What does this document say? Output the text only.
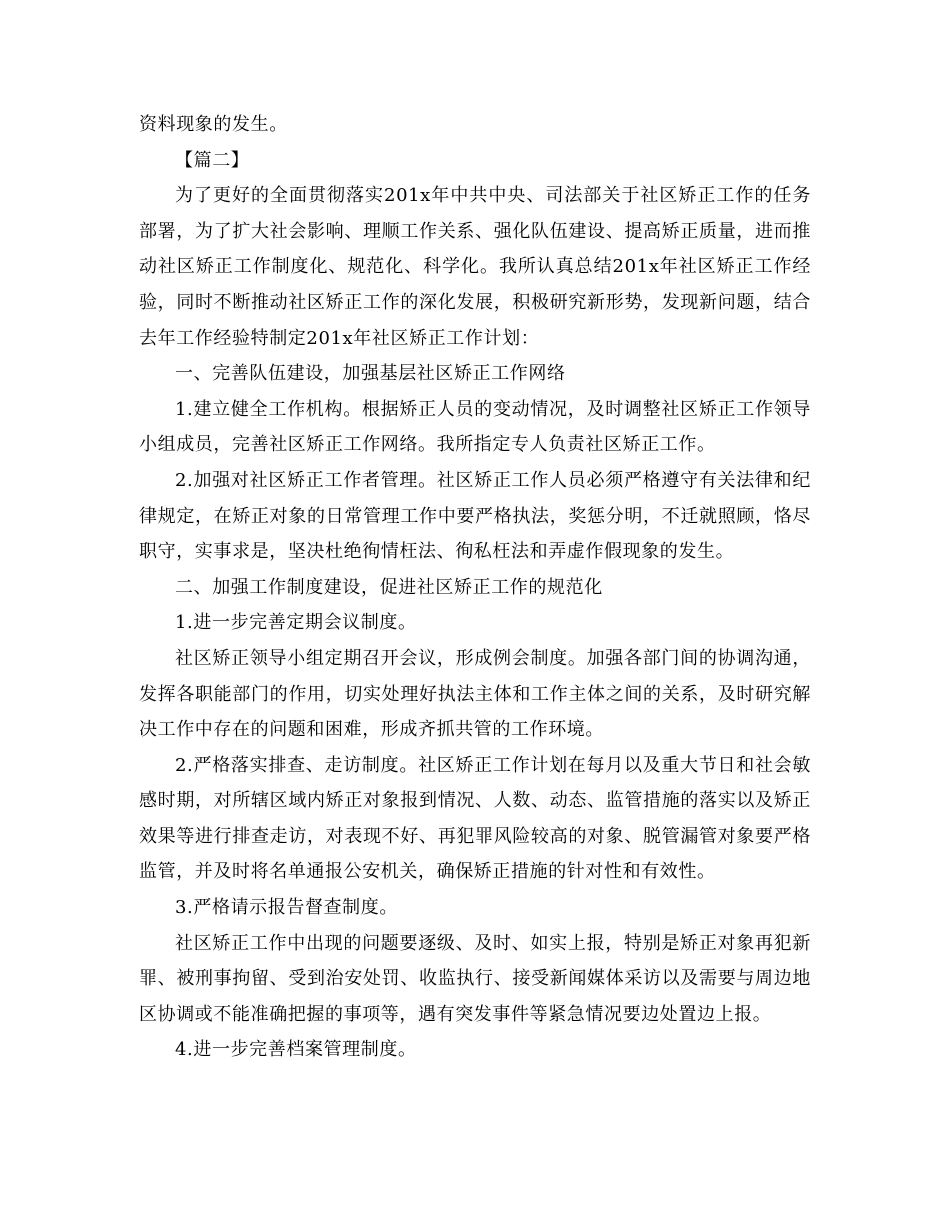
资料现象的发生。

【篇二】

为了更好的全面贯彻落实201x年中共中央、司法部关于社区矫正工作的任务部署，为了扩大社会影响、理顺工作关系、强化队伍建设、提高矫正质量，进而推动社区矫正工作制度化、规范化、科学化。我所认真总结201x年社区矫正工作经验，同时不断推动社区矫正工作的深化发展，积极研究新形势，发现新问题，结合去年工作经验特制定201x年社区矫正工作计划：

一、完善队伍建设，加强基层社区矫正工作网络

1.建立健全工作机构。根据矫正人员的变动情况，及时调整社区矫正工作领导小组成员，完善社区矫正工作网络。我所指定专人负责社区矫正工作。

2.加强对社区矫正工作者管理。社区矫正工作人员必须严格遵守有关法律和纪律规定，在矫正对象的日常管理工作中要严格执法，奖惩分明，不迁就照顾，恪尽职守，实事求是，坚决杜绝徇情枉法、徇私枉法和弄虚作假现象的发生。

二、加强工作制度建设，促进社区矫正工作的规范化

1.进一步完善定期会议制度。

社区矫正领导小组定期召开会议，形成例会制度。加强各部门间的协调沟通，发挥各职能部门的作用，切实处理好执法主体和工作主体之间的关系，及时研究解决工作中存在的问题和困难，形成齐抓共管的工作环境。

2.严格落实排查、走访制度。社区矫正工作计划在每月以及重大节日和社会敏感时期，对所辖区域内矫正对象报到情况、人数、动态、监管措施的落实以及矫正效果等进行排查走访，对表现不好、再犯罪风险较高的对象、脱管漏管对象要严格监管，并及时将名单通报公安机关，确保矫正措施的针对性和有效性。

3.严格请示报告督查制度。

社区矫正工作中出现的问题要逐级、及时、如实上报，特别是矫正对象再犯新罪、被刑事拘留、受到治安处罚、收监执行、接受新闻媒体采访以及需要与周边地区协调或不能准确把握的事项等，遇有突发事件等紧急情况要边处置边上报。

4.进一步完善档案管理制度。
